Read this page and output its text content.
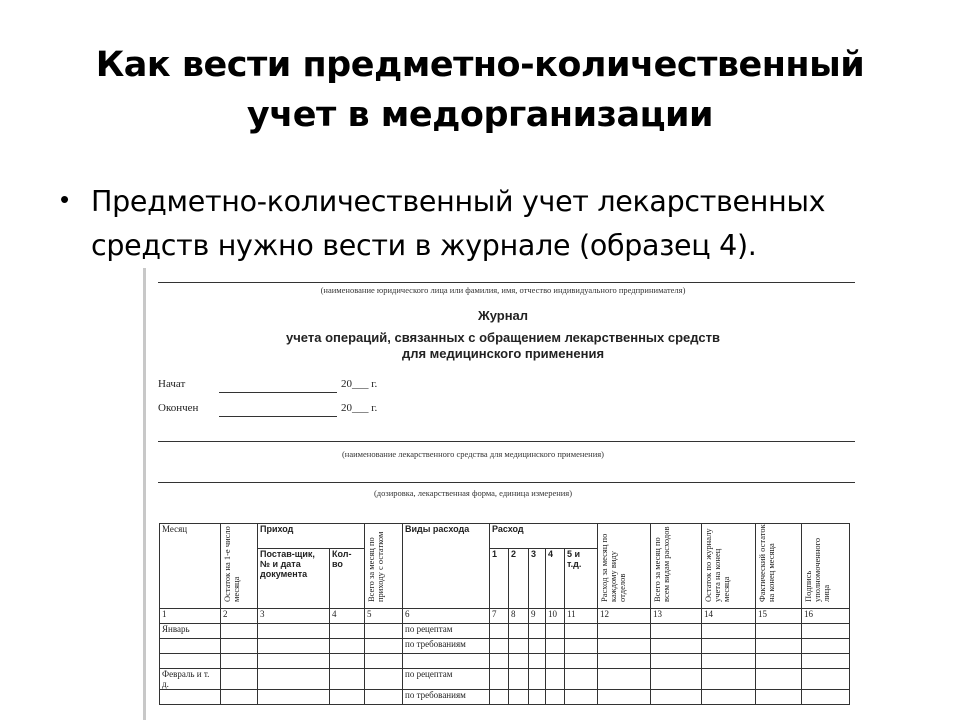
Как вести предметно-количественный
учет в медорганизации
• Предметно-количественный учет лекарственных
средств нужно вести в журнале (образец 4).
(наименование юридического лица или фамилия, имя, отчество индивидуального предпринимателя)
Журнал
учета операций, связанных с обращением лекарственных средств
для медицинского применения
Начат	20___ г.
Окончен	20___ г.
(наименование лекарственного средства для медицинского применения)
(дозировка, лекарственная форма, единица измерения)
Месяц	Остаток на 1-е число месяца	Приход		Всего за месяц по приходу с остатком	Виды расхода	Расход					Расход за месяц по каждому виду отделов	Всего за месяц по всем видам расходов	Остаток по журналу учета на конец месяца	Фактический остаток на конец месяца	Подпись уполномоченного лица

		Постав-щик, № и дата документа	Кол-во			1	2	3	4	5 и т.д.					
1	2	3	4	5	6	7	8	9	10	11	12	13	14	15	16
Январь					по рецептам										
					по требованиям										

Февраль и т. д.					по рецептам										
					по требованиям										
